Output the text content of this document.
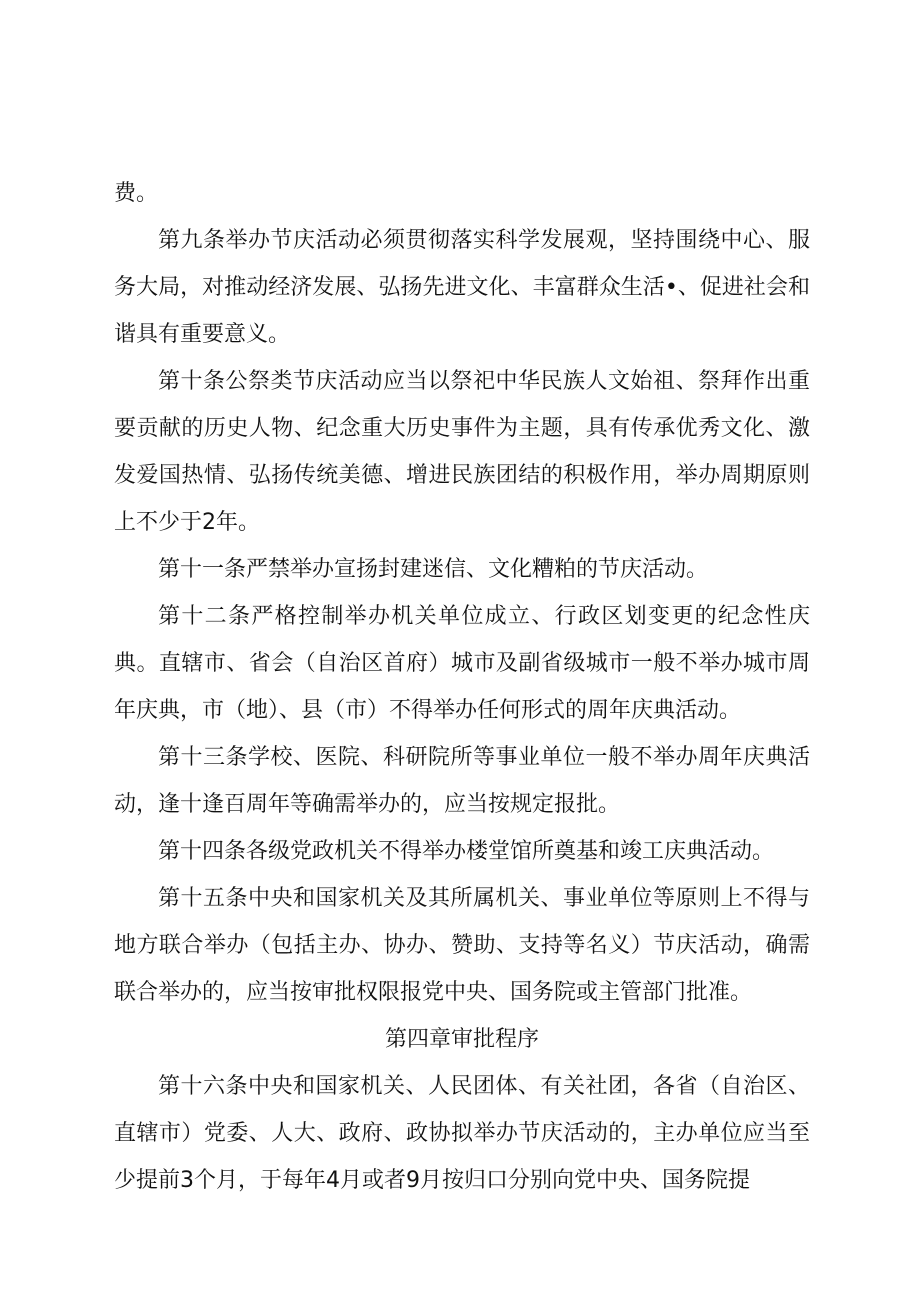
费。

第九条举办节庆活动必须贯彻落实科学发展观，坚持围绕中心、服务大局，对推动经济发展、弘扬先进文化、丰富群众生活•、促进社会和谐具有重要意义。

第十条公祭类节庆活动应当以祭祀中华民族人文始祖、祭拜作出重要贡献的历史人物、纪念重大历史事件为主题，具有传承优秀文化、激发爱国热情、弘扬传统美德、增进民族团结的积极作用，举办周期原则上不少于2年。

第十一条严禁举办宣扬封建迷信、文化糟粕的节庆活动。

第十二条严格控制举办机关单位成立、行政区划变更的纪念性庆典。直辖市、省会（自治区首府）城市及副省级城市一般不举办城市周年庆典，市（地）、县（市）不得举办任何形式的周年庆典活动。

第十三条学校、医院、科研院所等事业单位一般不举办周年庆典活动，逢十逢百周年等确需举办的，应当按规定报批。

第十四条各级党政机关不得举办楼堂馆所奠基和竣工庆典活动。

第十五条中央和国家机关及其所属机关、事业单位等原则上不得与地方联合举办（包括主办、协办、赞助、支持等名义）节庆活动，确需联合举办的，应当按审批权限报党中央、国务院或主管部门批准。

第四章审批程序

第十六条中央和国家机关、人民团体、有关社团，各省（自治区、直辖市）党委、人大、政府、政协拟举办节庆活动的，主办单位应当至少提前3个月，于每年4月或者9月按归口分别向党中央、国务院提
